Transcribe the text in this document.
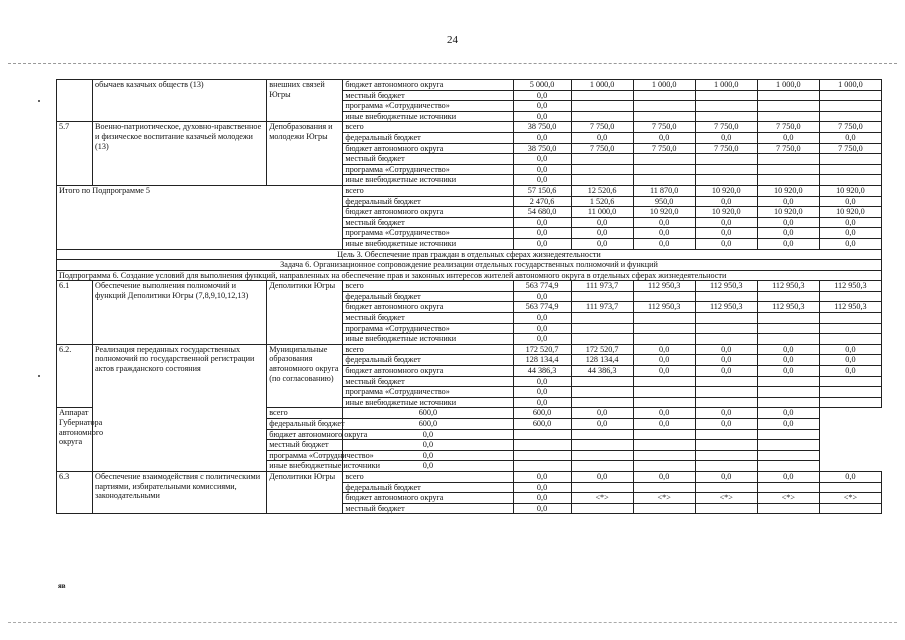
24
яв
	обычаев казачьих обществ (13)	внешних связей Югры	бюджет автономного округа	5 000,0	1 000,0	1 000,0	1 000,0	1 000,0	1 000,0
			местный бюджет	0,0					
			программа «Сотрудничество»	0,0					
			иные внебюджетные источники	0,0					
5.7	Военно-патриотическое, духовно-нравственное и физическое воспитание казачьей молодежи (13)	Депобразования и молодежи Югры	всего	38 750,0	7 750,0	7 750,0	7 750,0	7 750,0	7 750,0
			федеральный бюджет	0,0	0,0	0,0	0,0	0,0	0,0
			бюджет автономного округа	38 750,0	7 750,0	7 750,0	7 750,0	7 750,0	7 750,0
			местный бюджет	0,0					
			программа «Сотрудничество»	0,0					
			иные внебюджетные источники	0,0					
Итого по Подпрограмме 5			всего	57 150,6	12 520,6	11 870,0	10 920,0	10 920,0	10 920,0
			федеральный бюджет	2 470,6	1 520,6	950,0	0,0	0,0	0,0
			бюджет автономного округа	54 680,0	11 000,0	10 920,0	10 920,0	10 920,0	10 920,0
			местный бюджет	0,0	0,0	0,0	0,0	0,0	0,0
			программа «Сотрудничество»	0,0	0,0	0,0	0,0	0,0	0,0
			иные внебюджетные источники	0,0	0,0	0,0	0,0	0,0	0,0
Цель 3. Обеспечение прав граждан в отдельных сферах жизнедеятельности									
Задача 6. Организационное сопровождение реализации отдельных государственных полномочий и функций									
Подпрограмма 6. Создание условий для выполнения функций, направленных на обеспечение прав и законных интересов жителей автономного округа в отдельных сферах жизнедеятельности									
6.1	Обеспечение выполнения полномочий и функций Деполитики Югры (7,8,9,10,12,13)	Деполитики Югры	всего	563 774,9	111 973,7	112 950,3	112 950,3	112 950,3	112 950,3
			федеральный бюджет	0,0					
			бюджет автономного округа	563 774,9	111 973,7	112 950,3	112 950,3	112 950,3	112 950,3
			местный бюджет	0,0					
			программа «Сотрудничество»	0,0					
			иные внебюджетные источники	0,0					
6.2.	Реализация переданных государственных полномочий по государственной регистрации актов гражданского состояния	Муниципальные образования автономного округа (по согласованию)	всего	172 520,7	172 520,7	0,0	0,0	0,0	0,0
			федеральный бюджет	128 134,4	128 134,4	0,0	0,0	0,0	0,0
			бюджет автономного округа	44 386,3	44 386,3	0,0	0,0	0,0	0,0
			местный бюджет	0,0					
			программа «Сотрудничество»	0,0					
			иные внебюджетные источники	0,0					
Аппарат Губернатора автономного округа		всего	600,0	600,0	0,0	0,0	0,0	0,0	
		федеральный бюджет	600,0	600,0	0,0	0,0	0,0	0,0	
		бюджет автономного округа	0,0						
		местный бюджет	0,0						
		программа «Сотрудничество»	0,0						
		иные внебюджетные источники	0,0						
6.3	Обеспечение взаимодействия с политическими партиями, избирательными комиссиями, законодательными	Деполитики Югры	всего	0,0	0,0	0,0	0,0	0,0	0,0
			федеральный бюджет	0,0					
			бюджет автономного округа	0,0	<*>	<*>	<*>	<*>	<*>
			местный бюджет	0,0					
